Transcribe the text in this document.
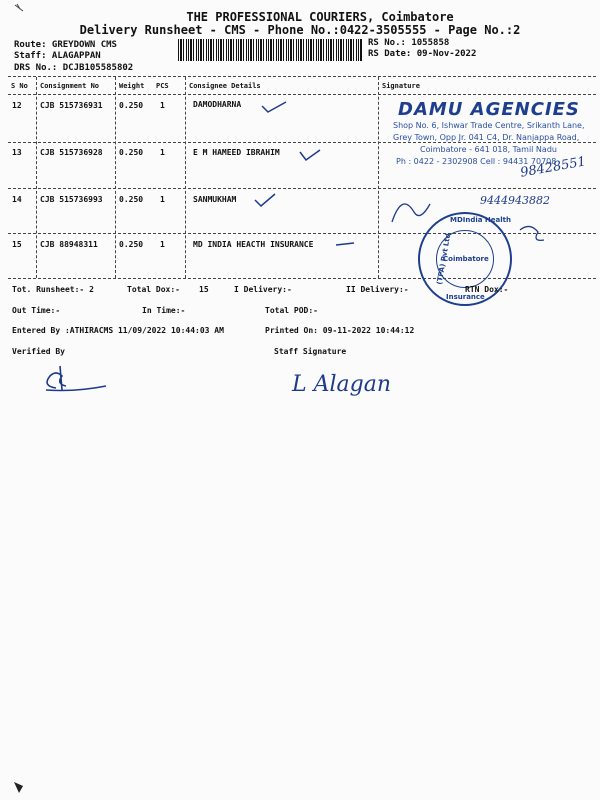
THE PROFESSIONAL COURIERS, Coimbatore
Delivery Runsheet - CMS - Phone No.:0422-3505555 - Page No.:2
Route: GREYDOWN CMS
Staff: ALAGAPPAN
DRS No.: DCJB105585802
RS No.: 1055858
RS Date: 09-Nov-2022
S No Consignment No	Weight PCS	Consignee Details	Signature
12 CJB 515736931 0.250 1	DAMODHARNA
13 CJB 515736928 0.250 1	E M HAMEED IBRAHIM
14 CJB 515736993 0.250 1	SANMUKHAM
15 CJB 88948311	0.250 1	MD INDIA HEACTH INSURANCE
DAMU AGENCIES
Shop No. 6, Ishwar Trade Centre, Srikanth Lane,
Grey Town, Opp Jr. 041 C4, Dr. Nanjappa Road,
Coimbatore - 641 018, Tamil Nadu
Ph : 0422 - 2302908 Cell : 94431 70708
98428551
9444943882
MDIndia Health
(TPA) Pvt Ltd
Insurance
Coimbatore
Tot. Runsheet:- 2	Total Dox:- 15	I Delivery:-	II Delivery:-	RTN Dox:-
Out Time:-	In Time:-	Total POD:-
Entered By :ATHIRACMS 11/09/2022 10:44:03 AM	Printed On: 09-11-2022 10:44:12
Verified By	Staff Signature
L Alagan
